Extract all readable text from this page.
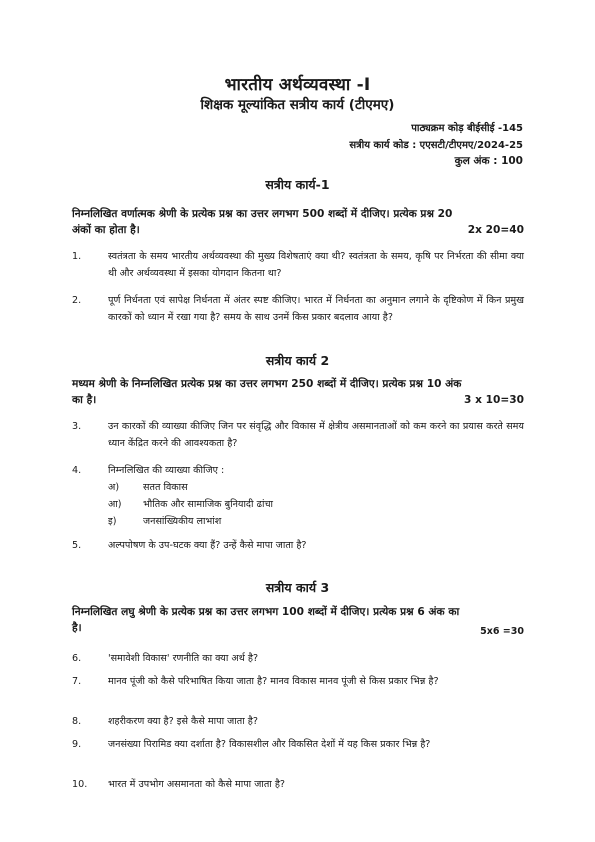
भारतीय अर्थव्यवस्था -I
शिक्षक मूल्यांकित सत्रीय कार्य (टीएमए)
पाठ्यक्रम कोड़ बीईसीई -145
सत्रीय कार्य कोड : एएसटी/टीएमए/2024-25
कुल अंक : 100
सत्रीय कार्य-1
निम्नलिखित वर्णात्मक श्रेणी के प्रत्येक प्रश्न का उत्तर लगभग 500 शब्दों में दीजिए। प्रत्येक प्रश्न 20
अंकों का होता है।	2x 20=40
1.	स्वतंत्रता के समय भारतीय अर्थव्यवस्था की मुख्य विशेषताएं क्या थी? स्वतंत्रता के समय, कृषि पर निर्भरता की सीमा क्या थी और अर्थव्यवस्था में इसका योगदान कितना था?
2.	पूर्ण निर्धनता एवं सापेक्ष निर्धनता में अंतर स्पष्ट कीजिए। भारत में निर्धनता का अनुमान लगाने के दृष्टिकोण में किन प्रमुख कारकों को ध्यान में रखा गया है? समय के साथ उनमें किस प्रकार बदलाव आया है?
सत्रीय कार्य 2
मध्यम श्रेणी के निम्नलिखित प्रत्येक प्रश्न का उत्तर लगभग 250 शब्दों में दीजिए। प्रत्येक प्रश्न 10 अंक
का है।	3 x 10=30
3.	उन कारकों की व्याख्या कीजिए जिन पर संवृद्धि और विकास में क्षेत्रीय असमानताओं को कम करने का प्रयास करते समय ध्यान केंद्रित करने की आवश्यकता है?
4.	निम्नलिखित की व्याख्या कीजिए :
अ) सतत विकास
आ) भौतिक और सामाजिक बुनियादी ढांचा
इ)	जनसांख्यिकीय लाभांश
5.	अल्पपोषण के उप-घटक क्या हैं? उन्हें कैसे मापा जाता है?
सत्रीय कार्य 3
निम्नलिखित लघु श्रेणी के प्रत्येक प्रश्न का उत्तर लगभग 100 शब्दों में दीजिए। प्रत्येक प्रश्न 6 अंक का
है।	5x6 =30
6.	'समावेशी विकास' रणनीति का क्या अर्थ है?
7.	मानव पूंजी को कैसे परिभाषित किया जाता है? मानव विकास मानव पूंजी से किस प्रकार भिन्न है?
8.	शहरीकरण क्या है? इसे कैसे मापा जाता है?
9.	जनसंख्या पिरामिड क्या दर्शाता है? विकासशील और विकसित देशों में यह किस प्रकार भिन्न है?
10.	भारत में उपभोग असमानता को कैसे मापा जाता है?
